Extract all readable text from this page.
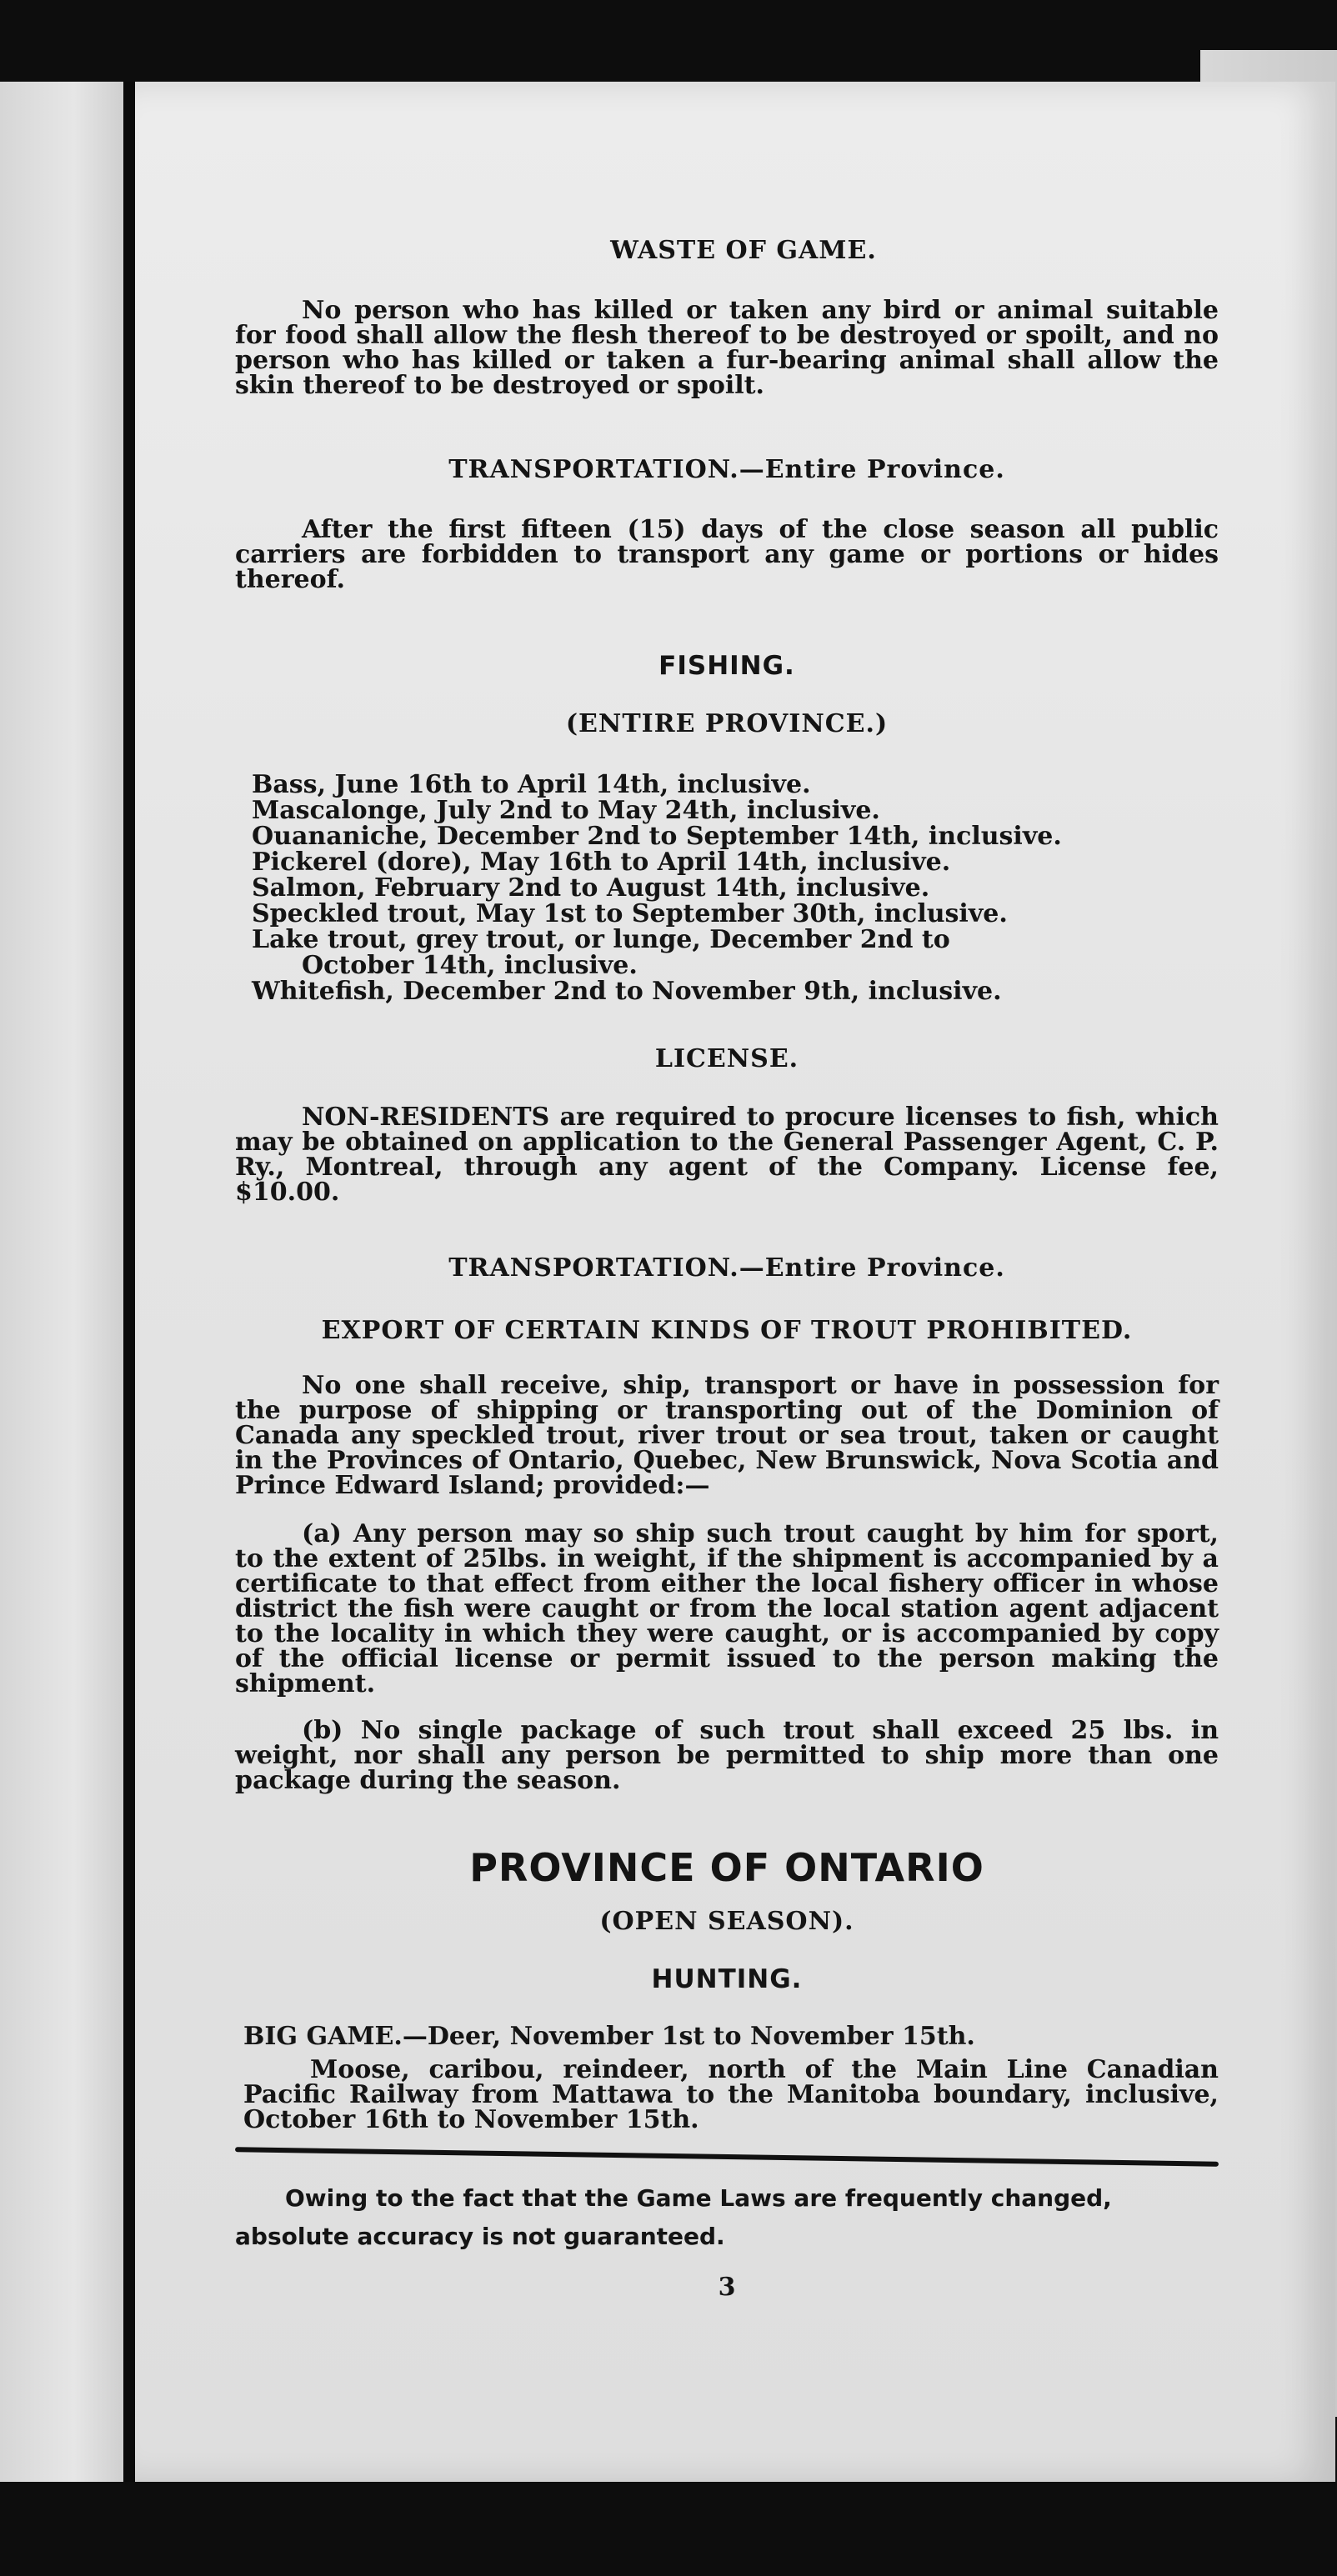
WASTE OF GAME.

No person who has killed or taken any bird or animal suitable for food shall allow the flesh thereof to be destroyed or spoilt, and no person who has killed or taken a fur-bearing animal shall allow the skin thereof to be destroyed or spoilt.

TRANSPORTATION.—Entire Province.

After the first fifteen (15) days of the close season all public carriers are forbidden to transport any game or portions or hides thereof.

FISHING.
(ENTIRE PROVINCE.)
Bass, June 16th to April 14th, inclusive.
Mascalonge, July 2nd to May 24th, inclusive.
Ouananiche, December 2nd to September 14th, inclusive.
Pickerel (dore), May 16th to April 14th, inclusive.
Salmon, February 2nd to August 14th, inclusive.
Speckled trout, May 1st to September 30th, inclusive.
Lake trout, grey trout, or lunge, December 2nd to
October 14th, inclusive.
Whitefish, December 2nd to November 9th, inclusive.
LICENSE.

NON-RESIDENTS are required to procure licenses to fish, which may be obtained on application to the General Passenger Agent, C. P. Ry., Montreal, through any agent of the Company. License fee, $10.00.

TRANSPORTATION.—Entire Province.
EXPORT OF CERTAIN KINDS OF TROUT PROHIBITED.

No one shall receive, ship, transport or have in possession for the purpose of shipping or transporting out of the Dominion of Canada any speckled trout, river trout or sea trout, taken or caught in the Provinces of Ontario, Quebec, New Brunswick, Nova Scotia and Prince Edward Island; provided:—

(a) Any person may so ship such trout caught by him for sport, to the extent of 25lbs. in weight, if the shipment is accompanied by a certificate to that effect from either the local fishery officer in whose district the fish were caught or from the local station agent adjacent to the locality in which they were caught, or is accompanied by copy of the official license or permit issued to the person making the shipment.

(b) No single package of such trout shall exceed 25 lbs. in weight, nor shall any person be permitted to ship more than one package during the season.

PROVINCE OF ONTARIO
(OPEN SEASON).
HUNTING.

BIG GAME.—Deer, November 1st to November 15th.

Moose, caribou, reindeer, north of the Main Line Canadian Pacific Railway from Mattawa to the Manitoba boundary, inclusive, October 16th to November 15th.

Owing to the fact that the Game Laws are frequently changed, absolute accuracy is not guaranteed.

3
